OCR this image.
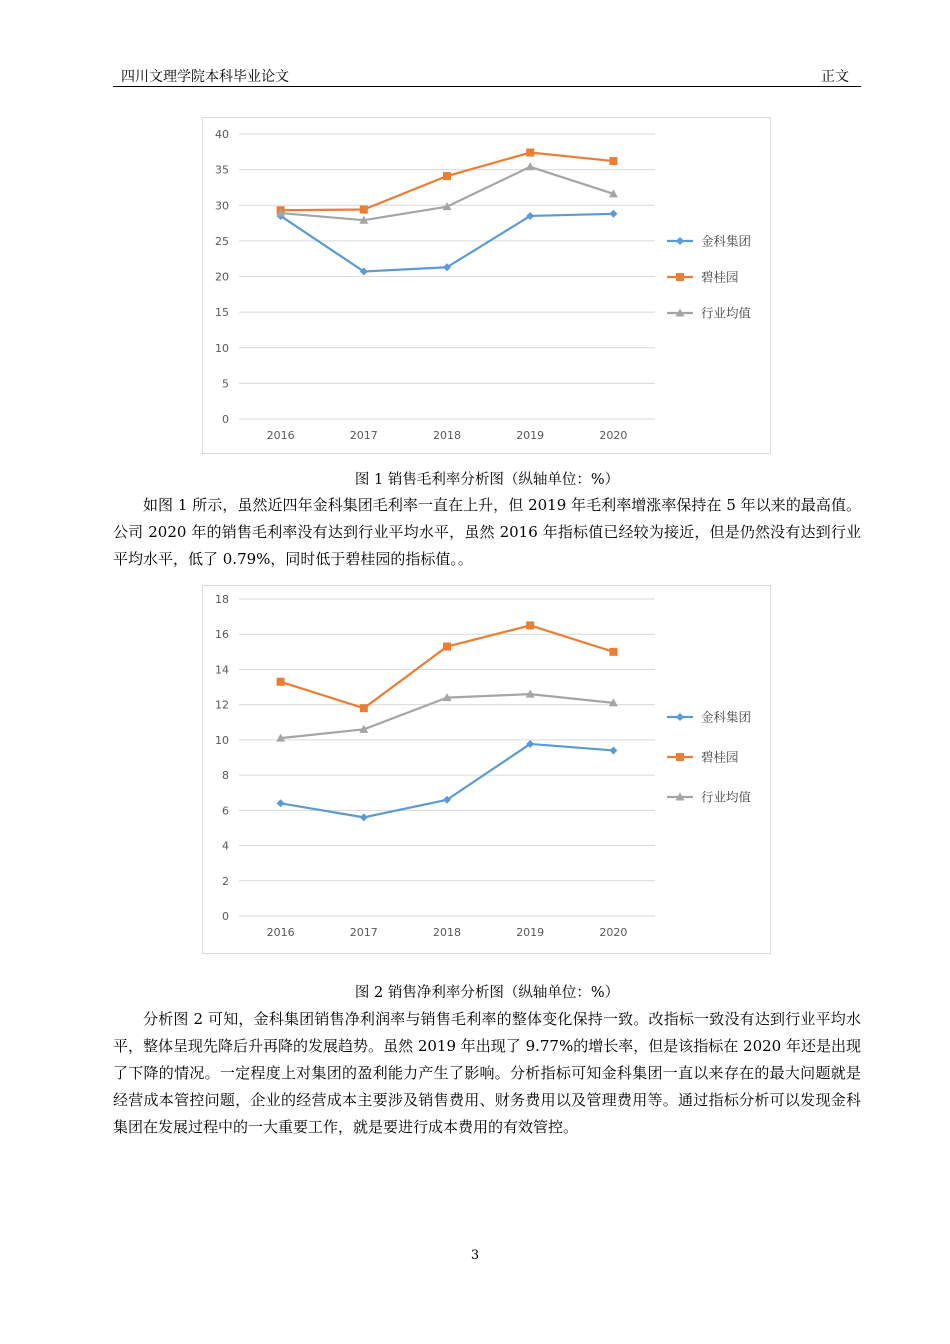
四川文理学院本科毕业论文	正文
0
5
10
15
20
25
30
35
40
2016	2017	2018	2019	2020
金科集团
碧桂园
行业均值
图 1 销售毛利率分析图（纵轴单位：%）

如图 1 所示，虽然近四年金科集团毛利率一直在上升，但 2019 年毛利率增涨率保持在 5 年以来的最高值。公司 2020 年的销售毛利率没有达到行业平均水平，虽然 2016 年指标值已经较为接近，但是仍然没有达到行业平均水平，低了 0.79%，同时低于碧桂园的指标值。。

0
2
4
6
8
10
12
14
16
18
2016	2017	2018	2019	2020
金科集团
碧桂园
行业均值
图 2 销售净利率分析图（纵轴单位：%）

分析图 2 可知，金科集团销售净利润率与销售毛利率的整体变化保持一致。改指标一致没有达到行业平均水平，整体呈现先降后升再降的发展趋势。虽然 2019 年出现了 9.77%的增长率，但是该指标在 2020 年还是出现了下降的情况。一定程度上对集团的盈利能力产生了影响。分析指标可知金科集团一直以来存在的最大问题就是经营成本管控问题，企业的经营成本主要涉及销售费用、财务费用以及管理费用等。通过指标分析可以发现金科集团在发展过程中的一大重要工作，就是要进行成本费用的有效管控。

3
